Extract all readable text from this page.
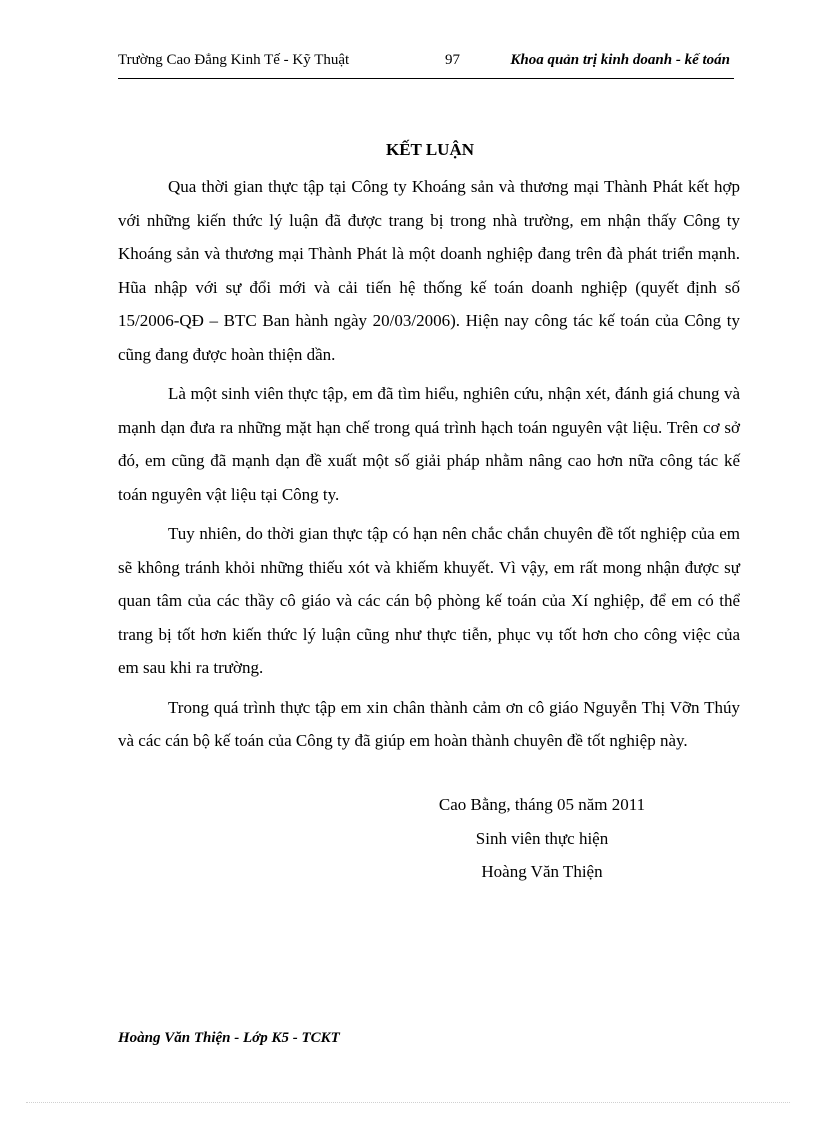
Trường Cao Đẳng Kinh Tế - Kỹ Thuật	97	Khoa quản trị kinh doanh - kế toán
KẾT LUẬN

Qua thời gian thực tập tại Công ty Khoáng sản và thương mại Thành Phát kết hợp với những kiến thức lý luận đã được trang bị trong nhà trường, em nhận thấy Công ty Khoáng sản và thương mại Thành Phát là một doanh nghiệp đang trên đà phát triển mạnh. Hũa nhập với sự đổi mới và cải tiến hệ thống kế toán doanh nghiệp (quyết định số 15/2006-QĐ – BTC Ban hành ngày 20/03/2006). Hiện nay công tác kế toán của Công ty cũng đang được hoàn thiện dần.

Là một sinh viên thực tập, em đã tìm hiểu, nghiên cứu, nhận xét, đánh giá chung và mạnh dạn đưa ra những mặt hạn chế trong quá trình hạch toán nguyên vật liệu. Trên cơ sở đó, em cũng đã mạnh dạn đề xuất một số giải pháp nhằm nâng cao hơn nữa công tác kế toán nguyên vật liệu tại Công ty.

Tuy nhiên, do thời gian thực tập có hạn nên chắc chắn chuyên đề tốt nghiệp của em sẽ không tránh khỏi những thiếu xót và khiếm khuyết. Vì vậy, em rất mong nhận được sự quan tâm của các thầy cô giáo và các cán bộ phòng kế toán của Xí nghiệp, để em có thể trang bị tốt hơn kiến thức lý luận cũng như thực tiễn, phục vụ tốt hơn cho công việc của em sau khi ra trường.

Trong quá trình thực tập em xin chân thành cảm ơn cô giáo Nguyễn Thị Vỡn Thúy và các cán bộ kế toán của Công ty đã giúp em hoàn thành chuyên đề tốt nghiệp này.

Cao Bằng, tháng 05 năm 2011
Sinh viên thực hiện
Hoàng Văn Thiện
Hoàng Văn Thiện - Lớp K5 - TCKT
